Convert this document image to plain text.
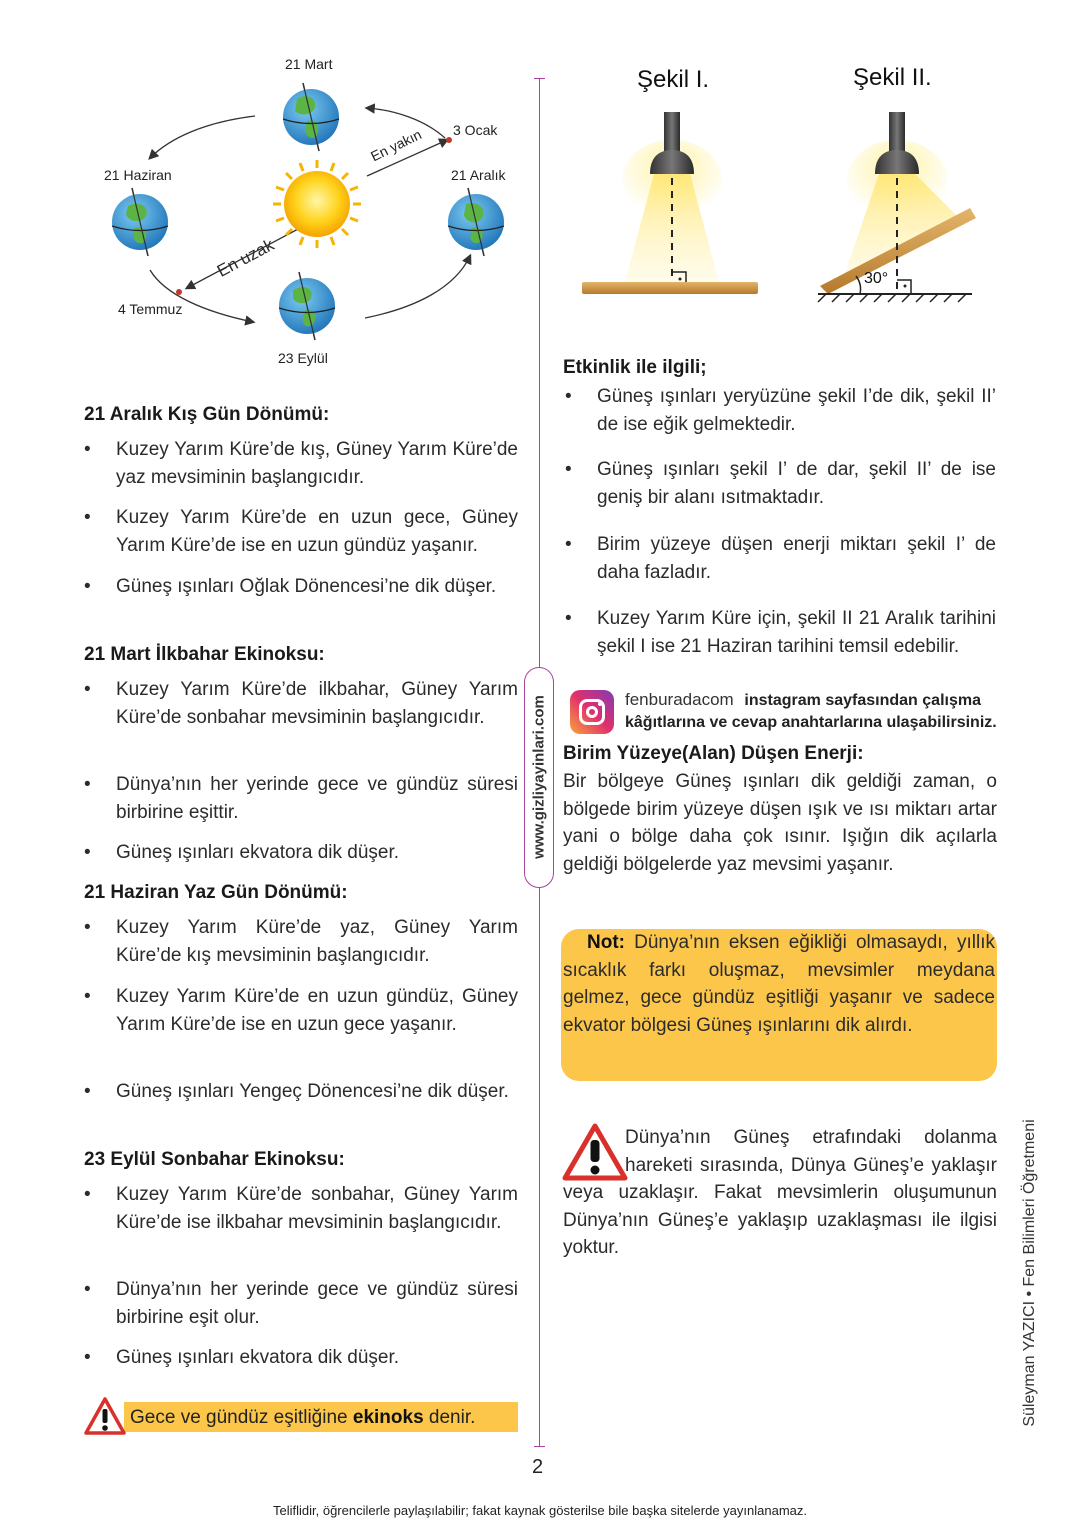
21 Mart
21 Haziran	21 Aralık
23 Eylül
3 Ocak
4 Temmuz
En yakın
En uzak
21 Aralık Kış Gün Dönümü:
• Kuzey Yarım Küre’de kış, Güney Yarım Küre’de yaz mevsiminin başlangıcıdır.
• Kuzey Yarım Küre’de en uzun gece, Güney Yarım Küre’de ise en uzun gündüz yaşanır.
• Güneş ışınları Oğlak Dönencesi’ne dik düşer.
21 Mart İlkbahar Ekinoksu:
• Kuzey Yarım Küre’de ilkbahar, Güney Yarım Küre’de sonbahar mevsiminin başlangıcıdır.
• Dünya’nın her yerinde gece ve gündüz süresi birbirine eşittir.
• Güneş ışınları ekvatora dik düşer.
21 Haziran Yaz Gün Dönümü:
• Kuzey Yarım Küre’de yaz, Güney Yarım Küre’de kış mevsiminin başlangıcıdır.
• Kuzey Yarım Küre’de en uzun gündüz, Güney Yarım Küre’de ise en uzun gece yaşanır.
• Güneş ışınları Yengeç Dönencesi’ne dik düşer.
23 Eylül Sonbahar Ekinoksu:
• Kuzey Yarım Küre’de sonbahar, Güney Yarım Küre’de ise ilkbahar mevsiminin başlangıcıdır.
• Dünya’nın her yerinde gece ve gündüz süresi birbirine eşit olur.
• Güneş ışınları ekvatora dik düşer.
Gece ve gündüz eşitliğine ekinoks denir.
www.gizliyayinlari.com
Şekil I.	Şekil II.
30°
Etkinlik ile ilgili;
• Güneş ışınları yeryüzüne şekil I’de dik, şekil II’ de ise eğik gelmektedir.
• Güneş ışınları şekil I’ de dar, şekil II’ de ise geniş bir alanı ısıtmaktadır.
• Birim yüzeye düşen enerji miktarı şekil I’ de daha fazladır.
• Kuzey Yarım Küre için, şekil II 21 Aralık tarihini şekil I ise 21 Haziran tarihini temsil edebilir.
fenburadacom instagram sayfasından çalışma
kâğıtlarına ve cevap anahtarlarına ulaşabilirsiniz.
Birim Yüzeye(Alan) Düşen Enerji:
Bir bölgeye Güneş ışınları dik geldiği zaman, o bölgede birim yüzeye düşen ışık ve ısı miktarı artar yani o bölge daha çok ısınır. Işığın dik açılarla geldiği bölgelerde yaz mevsimi yaşanır.
Not: Dünya’nın eksen eğikliği olmasaydı, yıllık sıcaklık farkı oluşmaz, mevsimler meydana gelmez, gece gündüz eşitliği yaşanır ve sadece ekvator bölgesi Güneş ışınlarını dik alırdı.
Dünya’nın Güneş etrafındaki dolanma hareketi sırasında, Dünya Güneş’e yaklaşır veya uzaklaşır. Fakat mevsimlerin oluşumunun Dünya’nın Güneş’e yaklaşıp uzaklaşması ile ilgisi yoktur.	Süleyman YAZICI • Fen Bilimleri Öğretmeni
2
Teliflidir, öğrencilerle paylaşılabilir; fakat kaynak gösterilse bile başka sitelerde yayınlanamaz.
